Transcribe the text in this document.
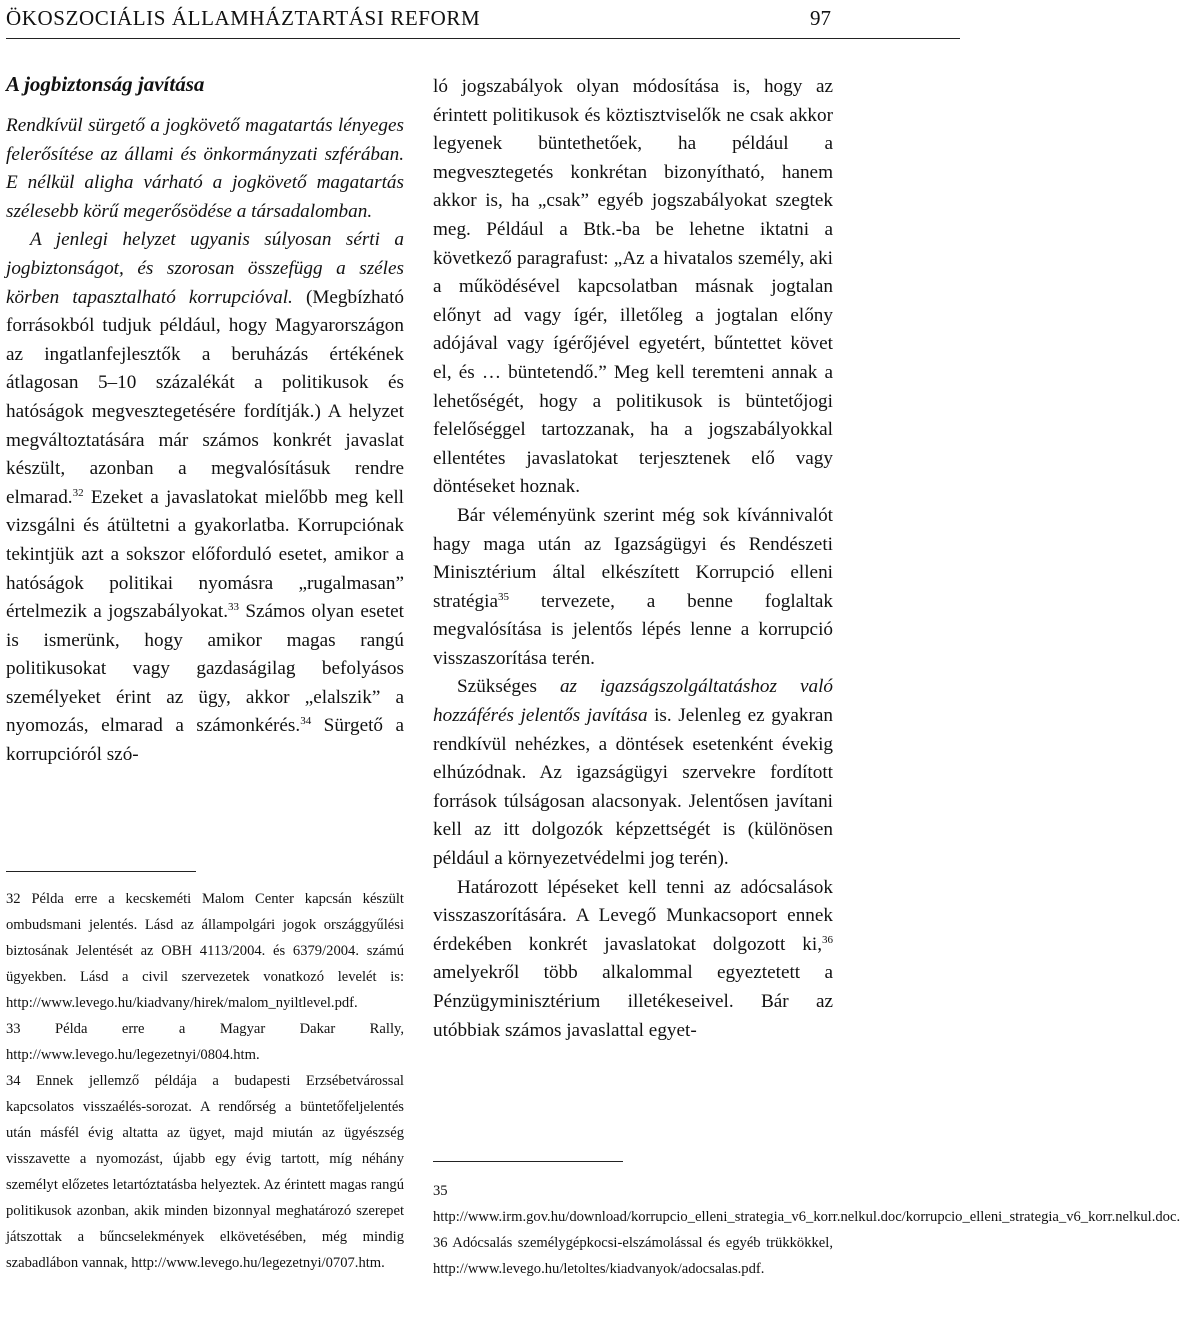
ÖKOSZOCIÁLIS ÁLLAMHÁZTARTÁSI REFORM	97
A jogbiztonság javítása

Rendkívül sürgető a jogkövető magatartás lényeges felerősítése az állami és önkormányzati szférában. E nélkül aligha várható a jogkövető magatartás szélesebb körű megerősödése a társadalomban.

A jenlegi helyzet ugyanis súlyosan sérti a jogbiztonságot, és szorosan összefügg a széles körben tapasztalható korrupcióval. (Megbízható forrásokból tudjuk például, hogy Magyarországon az ingatlanfejlesztők a beruházás értékének átlagosan 5–10 százalékát a politikusok és hatóságok megvesztegetésére fordítják.) A helyzet megváltoztatására már számos konkrét javaslat készült, azonban a megvalósításuk rendre elmarad.$^{32}$ Ezeket a javaslatokat mielőbb meg kell vizsgálni és átültetni a gyakorlatba. Korrupciónak tekintjük azt a sokszor előforduló esetet, amikor a hatóságok politikai nyomásra „rugalmasan” értelmezik a jogszabályokat.$^{33}$ Számos olyan esetet is ismerünk, hogy amikor magas rangú politikusokat vagy gazdaságilag befolyásos személyeket érint az ügy, akkor „elalszik” a nyomozás, elmarad a számonkérés.$^{34}$ Sürgető a korrupcióról szó-

32 Példa erre a kecskeméti Malom Center kapcsán készült ombudsmani jelentés. Lásd az állampolgári jogok országgyűlési biztosának Jelentését az OBH 4113/2004. és 6379/2004. számú ügyekben. Lásd a civil szervezetek vonatkozó levelét is: http://www.levego.hu/kiadvany/hirek/malom_nyiltlevel.pdf.

33 Példa erre a Magyar Dakar Rally, http://www.levego.hu/legezetnyi/0804.htm.

34 Ennek jellemző példája a budapesti Erzsébetvárossal kapcsolatos visszaélés-sorozat. A rendőrség a büntetőfeljelentés után másfél évig altatta az ügyet, majd miután az ügyészség visszavette a nyomozást, újabb egy évig tartott, míg néhány személyt előzetes letartóztatásba helyeztek. Az érintett magas rangú politikusok azonban, akik minden bizonnyal meghatározó szerepet játszottak a bűncselekmények elkövetésében, még mindig szabadlábon vannak, http://www.levego.hu/legezetnyi/0707.htm.

ló jogszabályok olyan módosítása is, hogy az érintett politikusok és köztisztviselők ne csak akkor legyenek büntethetőek, ha például a megvesztegetés konkrétan bizonyítható, hanem akkor is, ha „csak” egyéb jogszabályokat szegtek meg. Például a Btk.-ba be lehetne iktatni a következő paragrafust: „Az a hivatalos személy, aki a működésével kapcsolatban másnak jogtalan előnyt ad vagy ígér, illetőleg a jogtalan előny adójával vagy ígérőjével egyetért, bűntettet követ el, és … büntetendő.” Meg kell teremteni annak a lehetőségét, hogy a politikusok is büntetőjogi felelőséggel tartozzanak, ha a jogszabályokkal ellentétes javaslatokat terjesztenek elő vagy döntéseket hoznak.

Bár véleményünk szerint még sok kívánnivalót hagy maga után az Igazságügyi és Rendészeti Minisztérium által elkészített Korrupció elleni stratégia$^{35}$ tervezete, a benne foglaltak megvalósítása is jelentős lépés lenne a korrupció visszaszorítása terén.

Szükséges az igazságszolgáltatáshoz való hozzáférés jelentős javítása is. Jelenleg ez gyakran rendkívül nehézkes, a döntések esetenként évekig elhúzódnak. Az igazságügyi szervekre fordított források túlságosan alacsonyak. Jelentősen javítani kell az itt dolgozók képzettségét is (különösen például a környezetvédelmi jog terén).

Határozott lépéseket kell tenni az adócsalások visszaszorítására. A Levegő Munkacsoport ennek érdekében konkrét javaslatokat dolgozott ki,$^{36}$ amelyekről több alkalommal egyeztetett a Pénzügyminisztérium illetékeseivel. Bár az utóbbiak számos javaslattal egyet-

35 http://www.irm.gov.hu/download/korrupcio_elleni_strategia_v6_korr.nelkul.doc/korrupcio_elleni_strategia_v6_korr.nelkul.doc.

36 Adócsalás személygépkocsi-elszámolással és egyéb trükkökkel, http://www.levego.hu/letoltes/kiadvanyok/adocsalas.pdf.
